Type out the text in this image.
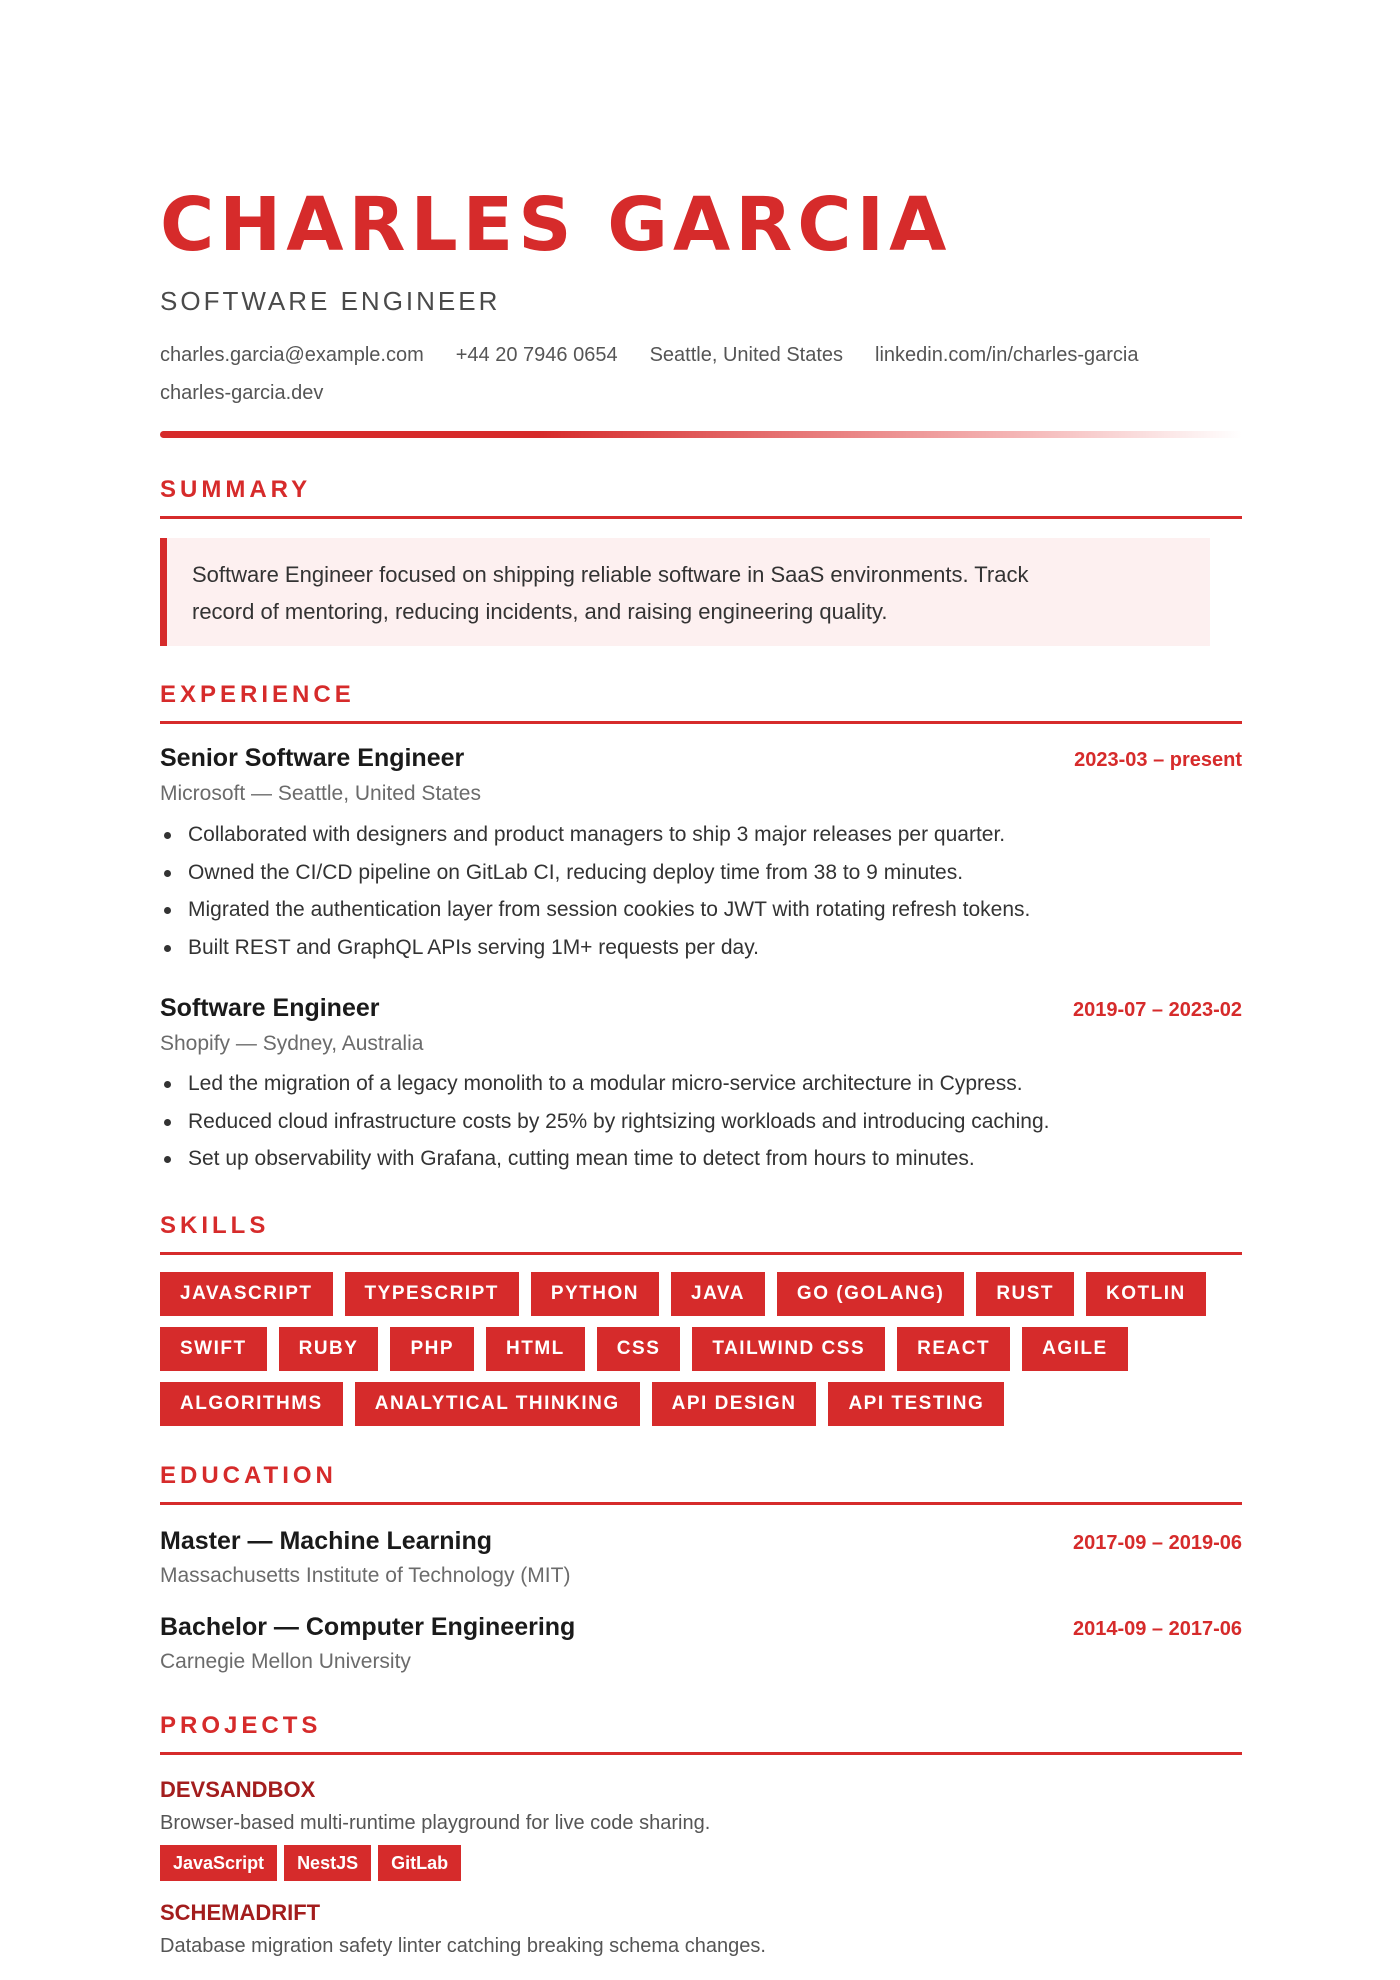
CHARLES GARCIA
SOFTWARE ENGINEER
charles.garcia@example.com +44 20 7946 0654 Seattle, United States linkedin.com/in/charles-garcia
charles-garcia.dev
SUMMARY
Software Engineer focused on shipping reliable software in SaaS environments. Track
record of mentoring, reducing incidents, and raising engineering quality.
EXPERIENCE
Senior Software Engineer	2023-03 – present
Microsoft — Seattle, United States
Collaborated with designers and product managers to ship 3 major releases per quarter.
Owned the CI/CD pipeline on GitLab CI, reducing deploy time from 38 to 9 minutes.
Migrated the authentication layer from session cookies to JWT with rotating refresh tokens.
Built REST and GraphQL APIs serving 1M+ requests per day.
Software Engineer	2019-07 – 2023-02
Shopify — Sydney, Australia
Led the migration of a legacy monolith to a modular micro-service architecture in Cypress.
Reduced cloud infrastructure costs by 25% by rightsizing workloads and introducing caching.
Set up observability with Grafana, cutting mean time to detect from hours to minutes.
SKILLS
JAVASCRIPT	TYPESCRIPT	PYTHON	JAVA	GO (GOLANG)	RUST	KOTLIN
SWIFT	RUBY	PHP	HTML	CSS	TAILWIND CSS	REACT	AGILE
ALGORITHMS	ANALYTICAL THINKING	API DESIGN	API TESTING
EDUCATION
Master — Machine Learning	2017-09 – 2019-06
Massachusetts Institute of Technology (MIT)
Bachelor — Computer Engineering	2014-09 – 2017-06
Carnegie Mellon University
PROJECTS
DEVSANDBOX
Browser-based multi-runtime playground for live code sharing.
JavaScript	NestJS	GitLab
SCHEMADRIFT
Database migration safety linter catching breaking schema changes.
